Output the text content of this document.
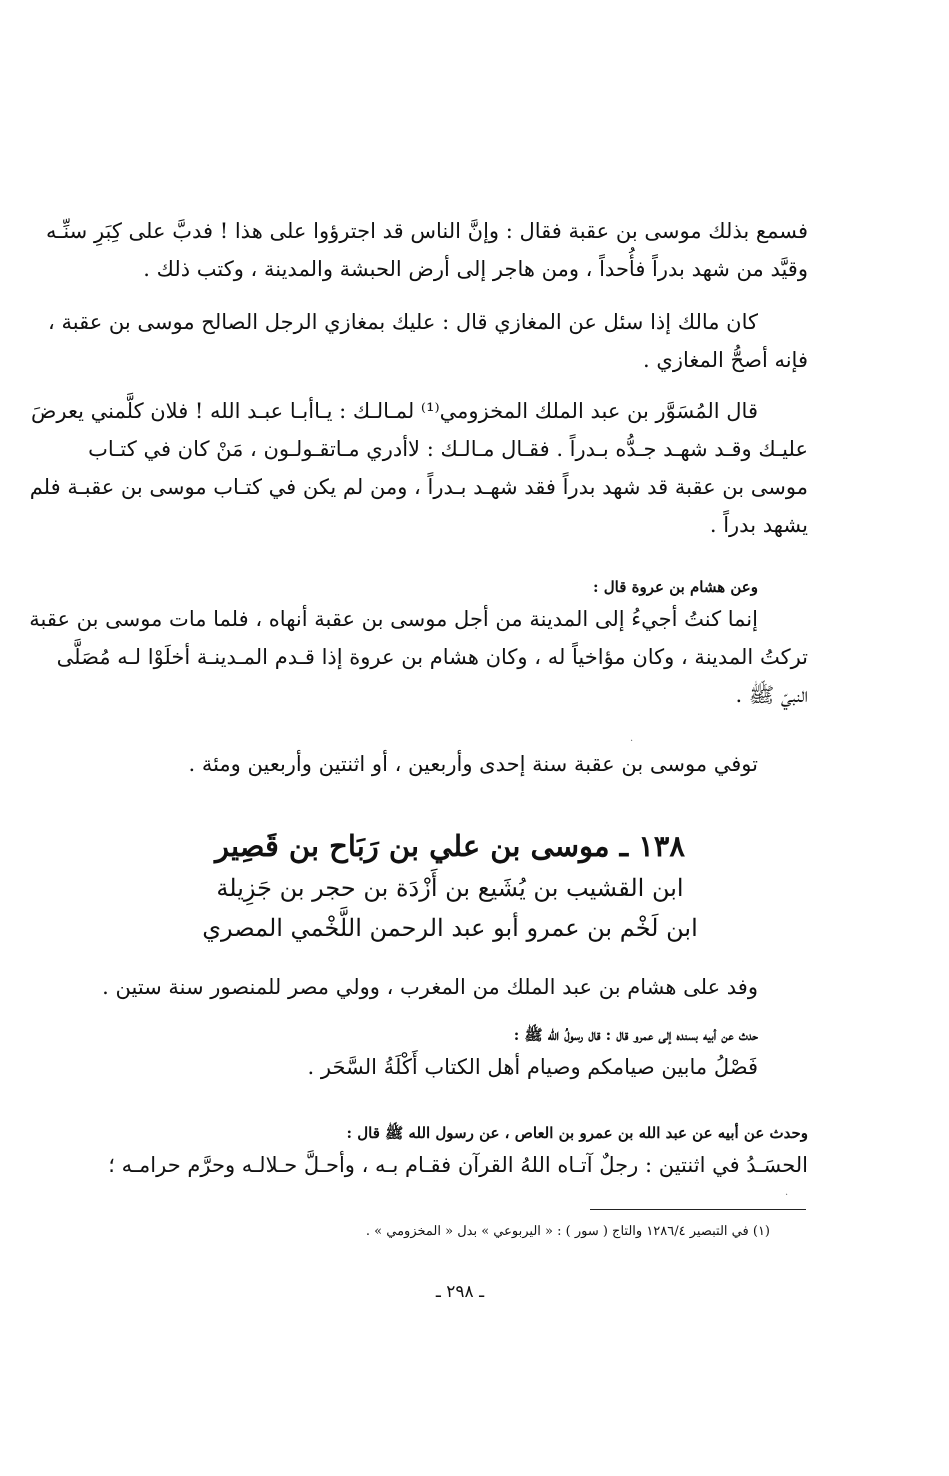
فسمع بذلك موسى بن عقبة فقال : وإنَّ الناس قد اجترؤوا على هذا ! فدبَّ على كِبَرِ سنِّـه
وقيَّد من شهد بدراً فأُحداً ، ومن هاجر إلى أرض الحبشة والمدينة ، وكتب ذلك .
كان مالك إذا سئل عن المغازي قال : عليك بمغازي الرجل الصالح موسى بن عقبة ،
فإنه أصحُّ المغازي .
قال المُسَوَّر بن عبد الملك المخزومي⁽¹⁾ لمـالـك : يـاأبـا عبـد الله ! فلان كلَّمني يعرضَ
عليـك وقـد شهـد جـدُّه بـدراً . فقـال مـالـك : لاأدري مـاتقـولـون ، مَنْ كان في كتـاب
موسى بن عقبة قد شهد بدراً فقد شهـد بـدراً ، ومن لم يكن في كتـاب موسى بن عقبـة فلم
يشهد بدراً .
وعن هشام بن عروة قال :
إنما كنتُ أجيءُ إلى المدينة من أجل موسى بن عقبة أنهاه ، فلما مات موسى بن عقبة
تركتُ المدينة ، وكان مؤاخياً له ، وكان هشام بن عروة إذا قـدم المـدينـة أخلَوْا لـه مُصَلَّى
النبيّ ﷺ .
توفي موسى بن عقبة سنة إحدى وأربعين ، أو اثنتين وأربعين ومئة .
١٣٨ ـ موسى بن علي بن رَبَاح بن قَصِير
ابن القشيب بن يُشَيع بن أَزْدَة بن حجر بن جَزِيلة
ابن لَخْم بن عمرو أبو عبد الرحمن اللَّخْمي المصري
وفد على هشام بن عبد الملك من المغرب ، وولي مصر للمنصور سنة ستين .
حدث عن أبيه بسنده إلى عمرو قال : قال رسولُ الله ﷺ :
فَصْلُ مابين صيامكم وصيام أهل الكتاب أَكْلَةُ السَّحَر .
وحدث عن أبيه عن عبد الله بن عمرو بن العاص ، عن رسول الله ﷺ قال :
الحسَـدُ في اثنتين : رجلٌ آتـاه اللهُ القرآن فقـام بـه ، وأحـلَّ حـلالـه وحرَّم حرامـه ؛
(١) في التبصير ١٢٨٦/٤ والتاج ( سور ) : « اليربوعي » بدل « المخزومي » .
ـ ٢٩٨ ـ
·
·
